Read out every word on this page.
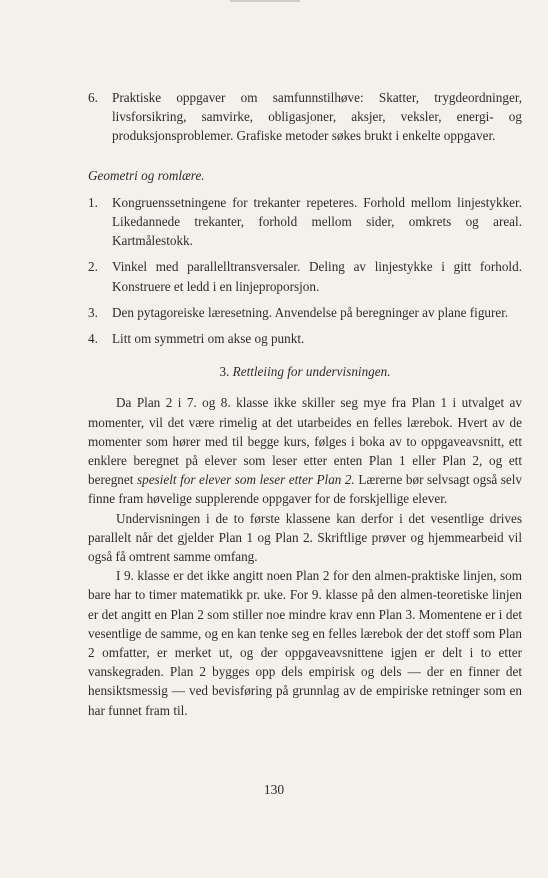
6. Praktiske oppgaver om samfunnstilhøve: Skatter, trygdeordninger, livsforsikring, samvirke, obligasjoner, aksjer, veksler, energi- og produksjonsproblemer. Grafiske metoder søkes brukt i enkelte oppgaver.
Geometri og romlære.
1. Kongruenssetningene for trekanter repeteres. Forhold mellom linjestykker. Likedannede trekanter, forhold mellom sider, omkrets og areal. Kartmålestokk.
2. Vinkel med parallelltransversaler. Deling av linjestykke i gitt forhold. Konstruere et ledd i en linjeproporsjon.
3. Den pytagoreiske læresetning. Anvendelse på beregninger av plane figurer.
4. Litt om symmetri om akse og punkt.
3. Rettleiing for undervisningen.

Da Plan 2 i 7. og 8. klasse ikke skiller seg mye fra Plan 1 i utvalget av momenter, vil det være rimelig at det utarbeides en felles lærebok. Hvert av de momenter som hører med til begge kurs, følges i boka av to oppgaveavsnitt, ett enklere beregnet på elever som leser etter enten Plan 1 eller Plan 2, og ett beregnet spesielt for elever som leser etter Plan 2. Lærerne bør selvsagt også selv finne fram høvelige supplerende oppgaver for de forskjellige elever.

Undervisningen i de to første klassene kan derfor i det vesentlige drives parallelt når det gjelder Plan 1 og Plan 2. Skriftlige prøver og hjemmearbeid vil også få omtrent samme omfang.

I 9. klasse er det ikke angitt noen Plan 2 for den almen-praktiske linjen, som bare har to timer matematikk pr. uke. For 9. klasse på den almen-teoretiske linjen er det angitt en Plan 2 som stiller noe mindre krav enn Plan 3. Momentene er i det vesentlige de samme, og en kan tenke seg en felles lærebok der det stoff som Plan 2 omfatter, er merket ut, og der oppgaveavsnittene igjen er delt i to etter vanskegraden. Plan 2 bygges opp dels empirisk og dels — der en finner det hensiktsmessig — ved bevisføring på grunnlag av de empiriske retninger som en har funnet fram til.

130
